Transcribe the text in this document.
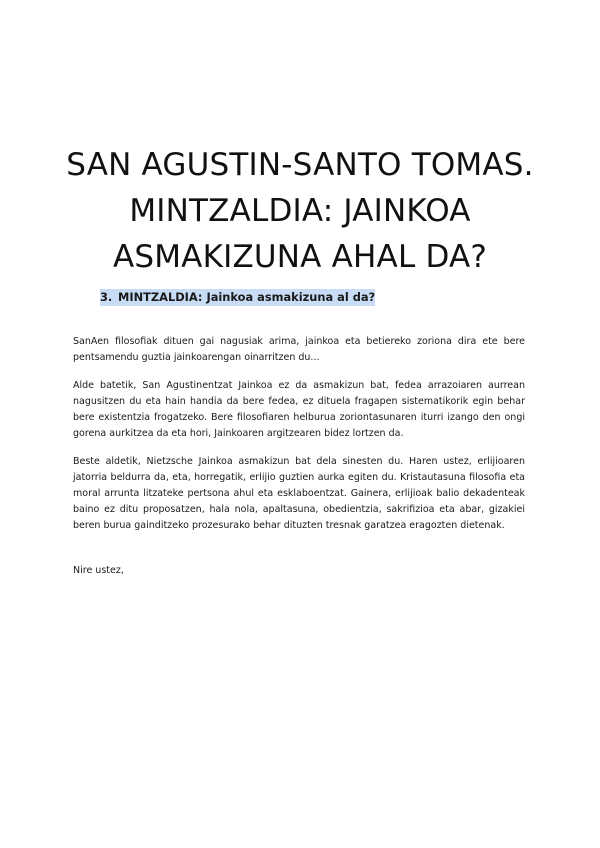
SAN AGUSTIN-SANTO TOMAS.
MINTZALDIA: JAINKOA
ASMAKIZUNA AHAL DA?
3. MINTZALDIA: Jainkoa asmakizuna al da?

SanAen filosofiak dituen gai nagusiak arima, jainkoa eta betiereko zoriona dira ete bere pentsamendu guztia jainkoarengan oinarritzen du...

Alde batetik, San Agustinentzat Jainkoa ez da asmakizun bat, fedea arrazoiaren aurrean nagusitzen du eta hain handia da bere fedea, ez dituela fragapen sistematikorik egin behar bere existentzia frogatzeko. Bere filosofiaren helburua zoriontasunaren iturri izango den ongi gorena aurkitzea da eta hori, Jainkoaren argitzearen bidez lortzen da.

Beste aldetik, Nietzsche Jainkoa asmakizun bat dela sinesten du. Haren ustez, erlijioaren jatorria beldurra da, eta, horregatik, erlijio guztien aurka egiten du. Kristautasuna filosofia eta moral arrunta litzateke pertsona ahul eta esklaboentzat. Gainera, erlijioak balio dekadenteak baino ez ditu proposatzen, hala nola, apaltasuna, obedientzia, sakrifizioa eta abar, gizakiei beren burua gainditzeko prozesurako behar dituzten tresnak garatzea eragozten dietenak.

Nire ustez,
